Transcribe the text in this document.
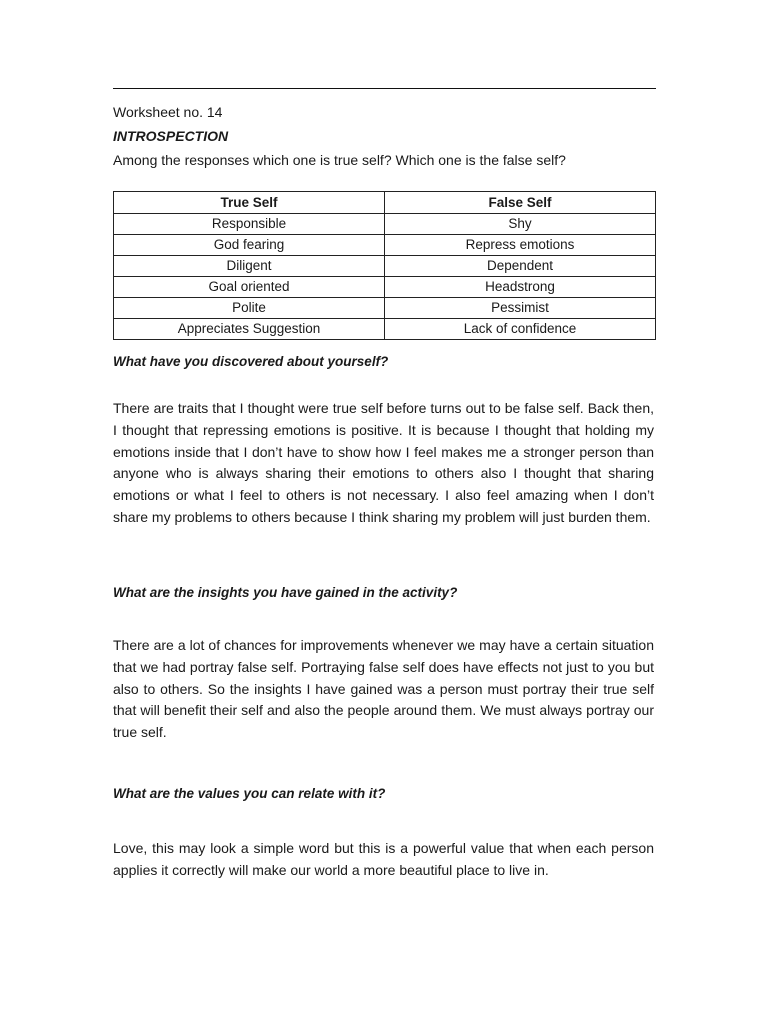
Worksheet no. 14
INTROSPECTION
Among the responses which one is true self? Which one is the false self?
True Self	False Self
Responsible	Shy
God fearing	Repress emotions
Diligent	Dependent
Goal oriented	Headstrong
Polite	Pessimist
Appreciates Suggestion	Lack of confidence
What have you discovered about yourself?
There are traits that I thought were true self before turns out to be false self. Back then, I thought that repressing emotions is positive. It is because I thought that holding my emotions inside that I don’t have to show how I feel makes me a stronger person than anyone who is always sharing their emotions to others also I thought that sharing emotions or what I feel to others is not necessary. I also feel amazing when I don’t share my problems to others because I think sharing my problem will just burden them.
What are the insights you have gained in the activity?
There are a lot of chances for improvements whenever we may have a certain situation that we had portray false self. Portraying false self does have effects not just to you but also to others. So the insights I have gained was a person must portray their true self that will benefit their self and also the people around them. We must always portray our true self.
What are the values you can relate with it?
Love, this may look a simple word but this is a powerful value that when each person applies it correctly will make our world a more beautiful place to live in.
